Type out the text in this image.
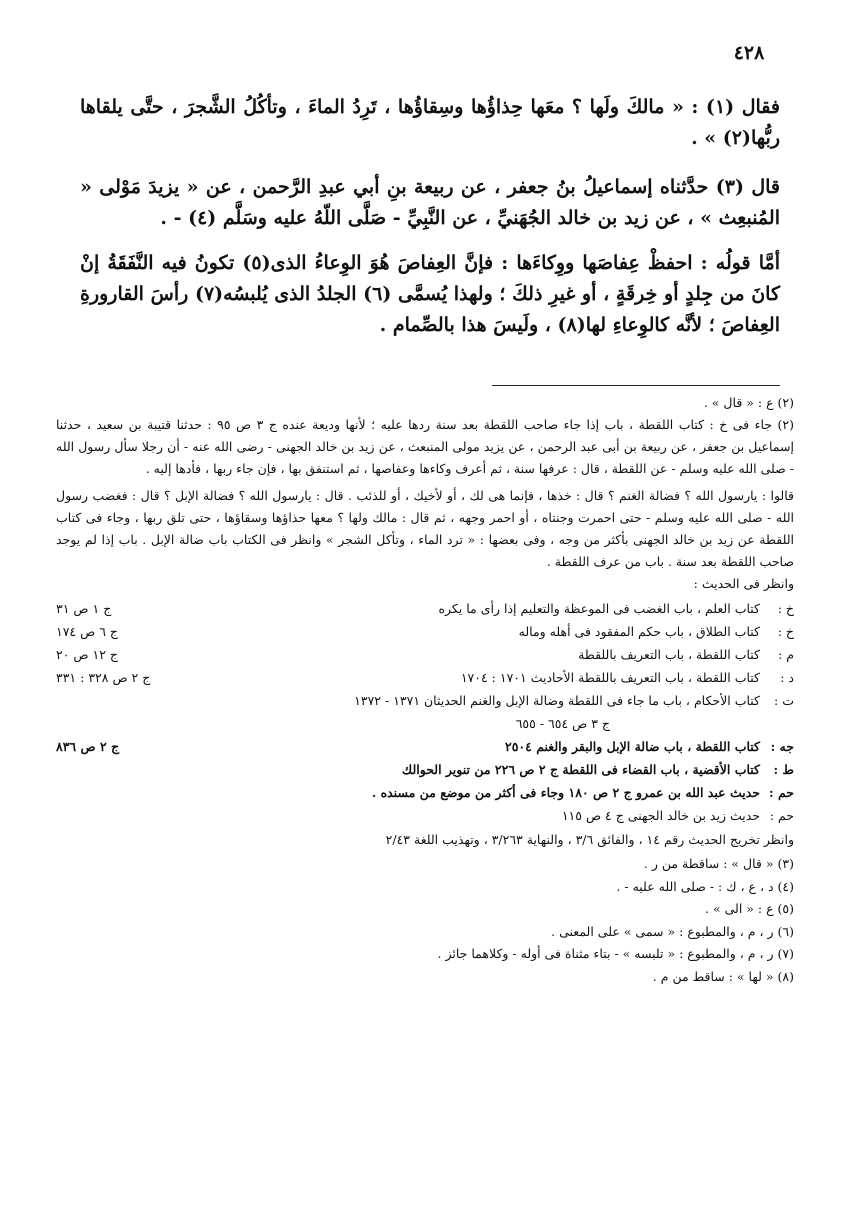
٤٢٨

فقال (١) : « مالكَ ولَها ؟ معَها حِذاؤُها وسِقاؤُها ، تَرِدُ الماءَ ، وتأكُلُ الشَّجرَ ، حتَّى يلقاها ربُّها(٢) » .

قال (٣) حدَّثناه إسماعيلُ بنُ جعفر ، عن ربيعة بنِ أبي عبدِ الرَّحمن ، عن « يزيدَ مَوْلى « المُنبعِث » ، عن زيد بن خالد الجُهَنيِّ ، عن النَّبِيِّ - صَلَّى اللّهُ عليه وسَلَّم (٤) - .

أمَّا قولُه : احفظْ عِفاصَها ووِكاءَها : فإنَّ العِفاصَ هُوَ الوِعاءُ الذى(٥) تكونُ فيه النَّفَقَةُ إنْ كانَ من جِلدٍ أو خِرقَةٍ ، أو غيرِ ذلكَ ؛ ولهذا يُسمَّى (٦) الجلدُ الذى يُلبسُه(٧) رأسَ القارورةِ العِفاصَ ؛ لأنَّه كالوِعاءِ لها(٨) ، ولَيسَ هذا بالصِّمام .

(٢) ع : « قال » .

(٢) جاء فى خ : كتاب اللقطة ، باب إذا جاء صاحب اللقطة بعد سنة ردها عليه ؛ لأنها وديعة عنده ج ٣ ص ٩٥ : حدثنا قتيبة بن سعيد ، حدثنا إسماعيل بن جعفر ، عن ربيعة بن أبى عبد الرحمن ، عن يزيد مولى المنبعث ، عن زيد بن خالد الجهنى - رضى الله عنه - أن رجلا سأل رسول الله - صلى الله عليه وسلم - عن اللقطة ، قال : عرفها سنة ، ثم أعرف وكاءها وعفاصها ، ثم استنفق بها ، فإن جاء ربها ، فأدها إليه .

قالوا : يارسول الله ؟ فضالة الغنم ؟ قال : خذها ، فإنما هى لك ، أو لأخيك ، أو للذئب . قال : يارسول الله ؟ فضالة الإبل ؟ قال : فغضب رسول الله - صلى الله عليه وسلم - حتى احمرت وجنتاه ، أو احمر وجهه ، ثم قال : مالك ولها ؟ معها حذاؤها وسقاؤها ، حتى تلق ربها ، وجاء فى كتاب اللقطة عن زيد بن خالد الجهنى بأكثر من وجه ، وفى بعضها : « ترد الماء ، وتأكل الشجر » وانظر فى الكتاب باب ضالة الإبل . باب إذا لم يوجد صاحب اللقطة بعد سنة . باب من عرف اللقطة .

وانظر فى الحديث :

خ :
كتاب العلم ، باب الغضب فى الموعظة والتعليم إذا رأى ما يكره
ج ١ ص ٣١
خ :
كتاب الطلاق ، باب حكم المفقود فى أهله وماله
ج ٦ ص ١٧٤
م :
كتاب اللقطة ، باب التعريف باللقطة
ج ١٢ ص ٢٠
د :
كتاب اللقطة ، باب التعريف باللقطة الأحاديث ١٧٠١ : ١٧٠٤
ج ٢ ص ٣٢٨ : ٣٣١
ت :
كتاب الأحكام ، باب ما جاء فى اللقطة وضالة الإبل والغنم الحديثان ١٣٧١ - ١٣٧٢
ج ٣ ص ٦٥٤ - ٦٥٥
جه :
كتاب اللقطة ، باب ضالة الإبل والبقر والغنم ٢٥٠٤
ج ٢ ص ٨٣٦
ط :
كتاب الأقضية ، باب القضاء فى اللقطة ج ٢ ص ٢٢٦ من تنوير الحوالك
حم :
حديث عبد الله بن عمرو ج ٢ ص ١٨٠ وجاء فى أكثر من موضع من مسنده .
حم :
حديث زيد بن خالد الجهنى ج ٤ ص ١١٥

وانظر تخريج الحديث رقم ١٤ ، والفائق ٣/٦ ، والنهاية ٣/٢٦٣ ، وتهذيب اللغة ٢/٤٣

(٣) « قال » : ساقطة من ر .

(٤) د ، ع ، ك : - صلى الله عليه - .

(٥) ع : « الى » .

(٦) ر ، م ، والمطبوع : « سمى » على المعنى .

(٧) ر ، م ، والمطبوع : « تلبسه » - بتاء مثناة فى أوله - وكلاهما جائز .

(٨) « لها » : ساقط من م .
